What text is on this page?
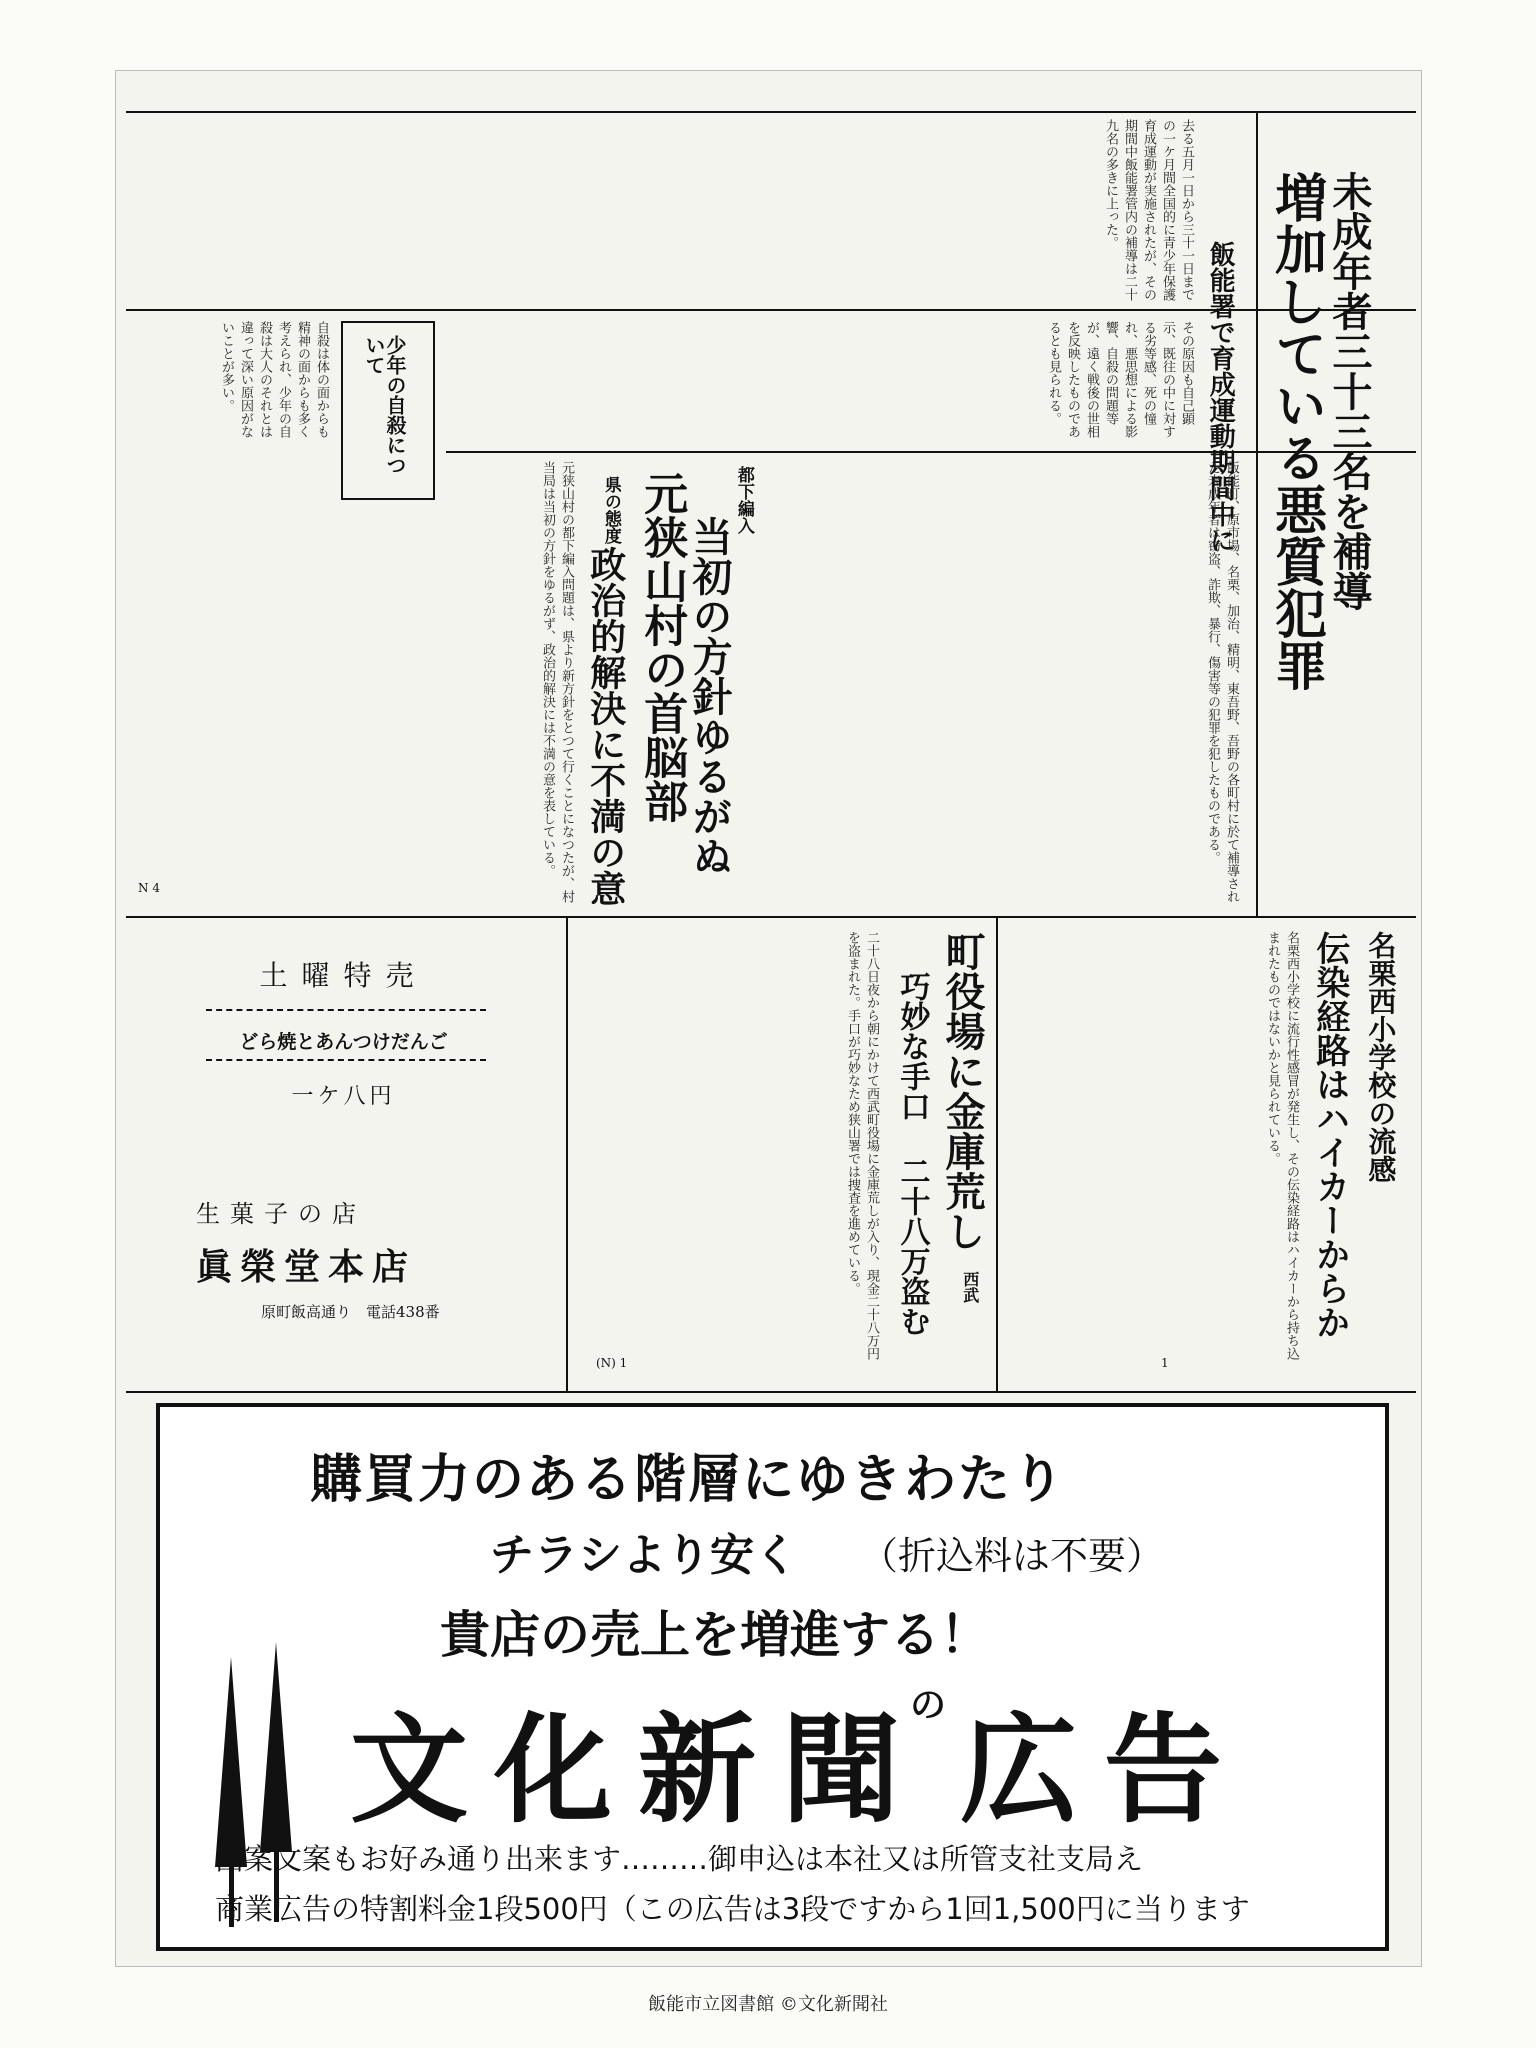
未成年者三十三名を補導
増加している悪質犯罪
飯能署で育成運動期間中に
去る五月一日から三十一日までの一ケ月間全国的に青少年保護育成運動が実施されたが、その期間中飯能署管内の補導は二十九名の多きに上った。
その原因も自己顕示、既往の中に対する劣等感、死の憧れ、悪思想による影響、自殺の問題等が、遠く戦後の世相を反映したものであるとも見られる。
飯能町、原市場、名栗、加治、精明、東吾野、吾野の各町村に於て補導された未成年者は窃盗、詐欺、暴行、傷害等の犯罪を犯したものである。
少年の自殺について
自殺は体の面からも精神の面からも多く考えられ、少年の自殺は大人のそれとは違って深い原因がないことが多い。
都下編入
当初の方針ゆるがぬ
元狭山村の首脳部
県の態度
政治的解決に不満の意
元狭山村の都下編入問題は、県より新方針をとつて行くことになつたが、村当局は当初の方針をゆるがず、政治的解決には不満の意を表している。
N 4
名栗西小学校の流感
伝染経路はハイカーからか
名栗西小学校に流行性感冒が発生し、その伝染経路はハイカーから持ち込まれたものではないかと見られている。
1
町役場に金庫荒し
巧妙な手口 二十八万盗む 西武
二十八日夜から朝にかけて西武町役場に金庫荒しが入り、現金二十八万円を盗まれた。手口が巧妙なため狭山署では捜査を進めている。
(N) 1
土曜特売
どら焼とあんつけだんご
一ケ八円
生菓子の店
眞榮堂本店
原町飯高通り　電話438番
購買力のある階層にゆきわたり
チラシより安く （折込料は不要）
貴店の売上を増進する！
文化新聞
の 広告
図案文案もお好み通り出来ます………御申込は本社又は所管支社支局え
商業広告の特割料金1段500円（この広告は3段ですから1回1,500円に当ります
飯能市立図書館 ©文化新聞社
